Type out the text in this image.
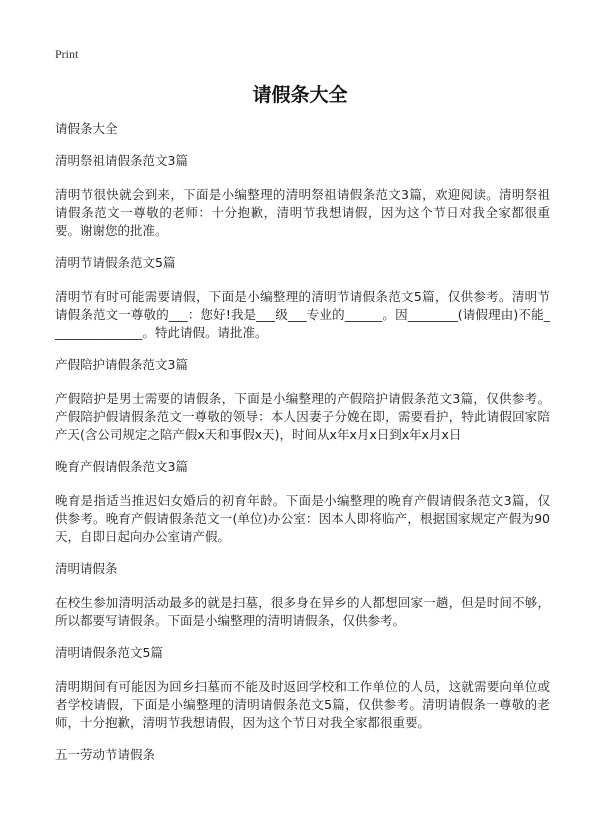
Print
请假条大全

请假条大全

清明祭祖请假条范文3篇

清明节很快就会到来，下面是小编整理的清明祭祖请假条范文3篇，欢迎阅读。清明祭祖请假条范文一尊敬的老师：十分抱歉，清明节我想请假，因为这个节日对我全家都很重要。谢谢您的批准。

清明节请假条范文5篇

清明节有时可能需要请假，下面是小编整理的清明节请假条范文5篇，仅供参考。清明节请假条范文一尊敬的___：您好!我是___级___专业的______。因________(请假理由)不能_______________。特此请假。请批准。

产假陪护请假条范文3篇

产假陪护是男士需要的请假条，下面是小编整理的产假陪护请假条范文3篇，仅供参考。产假陪护假请假条范文一尊敬的领导：本人因妻子分娩在即，需要看护，特此请假回家陪产天(含公司规定之陪产假x天和事假x天)，时间从x年x月x日到x年x月x日

晚育产假请假条范文3篇

晚育是指适当推迟妇女婚后的初育年龄。下面是小编整理的晚育产假请假条范文3篇，仅供参考。晚育产假请假条范文一(单位)办公室：因本人即将临产，根据国家规定产假为90天，自即日起向办公室请产假。

清明请假条

在校生参加清明活动最多的就是扫墓，很多身在异乡的人都想回家一趟，但是时间不够，所以都要写请假条。下面是小编整理的清明请假条，仅供参考。

清明请假条范文5篇

清明期间有可能因为回乡扫墓而不能及时返回学校和工作单位的人员，这就需要向单位或者学校请假，下面是小编整理的清明请假条范文5篇，仅供参考。清明请假条一尊敬的老师，十分抱歉，清明节我想请假，因为这个节日对我全家都很重要。

五一劳动节请假条
